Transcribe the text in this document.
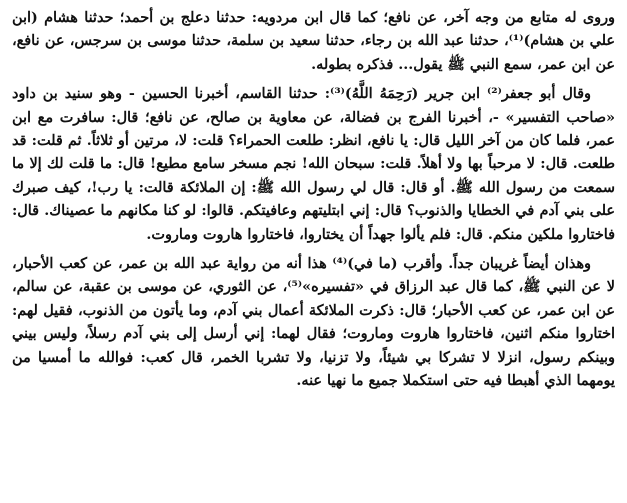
وروى له متابع من وجه آخر، عن نافع؛ كما قال ابن مردويه: حدثنا دعلج بن أحمد؛ حدثنا هشام (ابن علي بن هشام)⁽¹⁾، حدثنا عبد الله بن رجاء، حدثنا سعيد بن سلمة، حدثنا موسى بن سرجس، عن نافع، عن ابن عمر، سمع النبي ﷺ يقول... فذكره بطوله.

وقال أبو جعفر⁽²⁾ ابن جرير (رَحِمَهُ اللَّهُ)⁽³⁾: حدثنا القاسم، أخبرنا الحسين - وهو سنيد بن داود «صاحب التفسير» -، أخبرنا الفرج بن فضالة، عن معاوية بن صالح، عن نافع؛ قال: سافرت مع ابن عمر، فلما كان من آخر الليل قال: يا نافع، انظر: طلعت الحمراء؟ قلت: لا، مرتين أو ثلاثاً. ثم قلت: قد طلعت. قال: لا مرحباً بها ولا أهلاً. قلت: سبحان الله! نجم مسخر سامع مطيع! قال: ما قلت لك إلا ما سمعت من رسول الله ﷺ. أو قال: قال لي رسول الله ﷺ: إن الملائكة قالت: يا رب!، كيف صبرك على بني آدم في الخطايا والذنوب؟ قال: إني ابتليتهم وعافيتكم. قالوا: لو كنا مكانهم ما عصيناك. قال: فاختاروا ملكين منكم. قال: فلم يألوا جهداً أن يختاروا، فاختاروا هاروت وماروت.

وهذان أيضاً غريبان جداً. وأقرب (ما في)⁽⁴⁾ هذا أنه من رواية عبد الله بن عمر، عن كعب الأحبار، لا عن النبي ﷺ، كما قال عبد الرزاق في «تفسيره»⁽⁵⁾، عن الثوري، عن موسى بن عقبة، عن سالم، عن ابن عمر، عن كعب الأحبار؛ قال: ذكرت الملائكة أعمال بني آدم، وما يأتون من الذنوب، فقيل لهم: اختاروا منكم اثنين، فاختاروا هاروت وماروت؛ فقال لهما: إني أرسل إلى بني آدم رسلاً، وليس بيني وبينكم رسول، انزلا لا تشركا بي شيئاً، ولا تزنيا، ولا تشربا الخمر، قال كعب: فوالله ما أمسيا من يومهما الذي أهبطا فيه حتى استكملا جميع ما نهيا عنه.
